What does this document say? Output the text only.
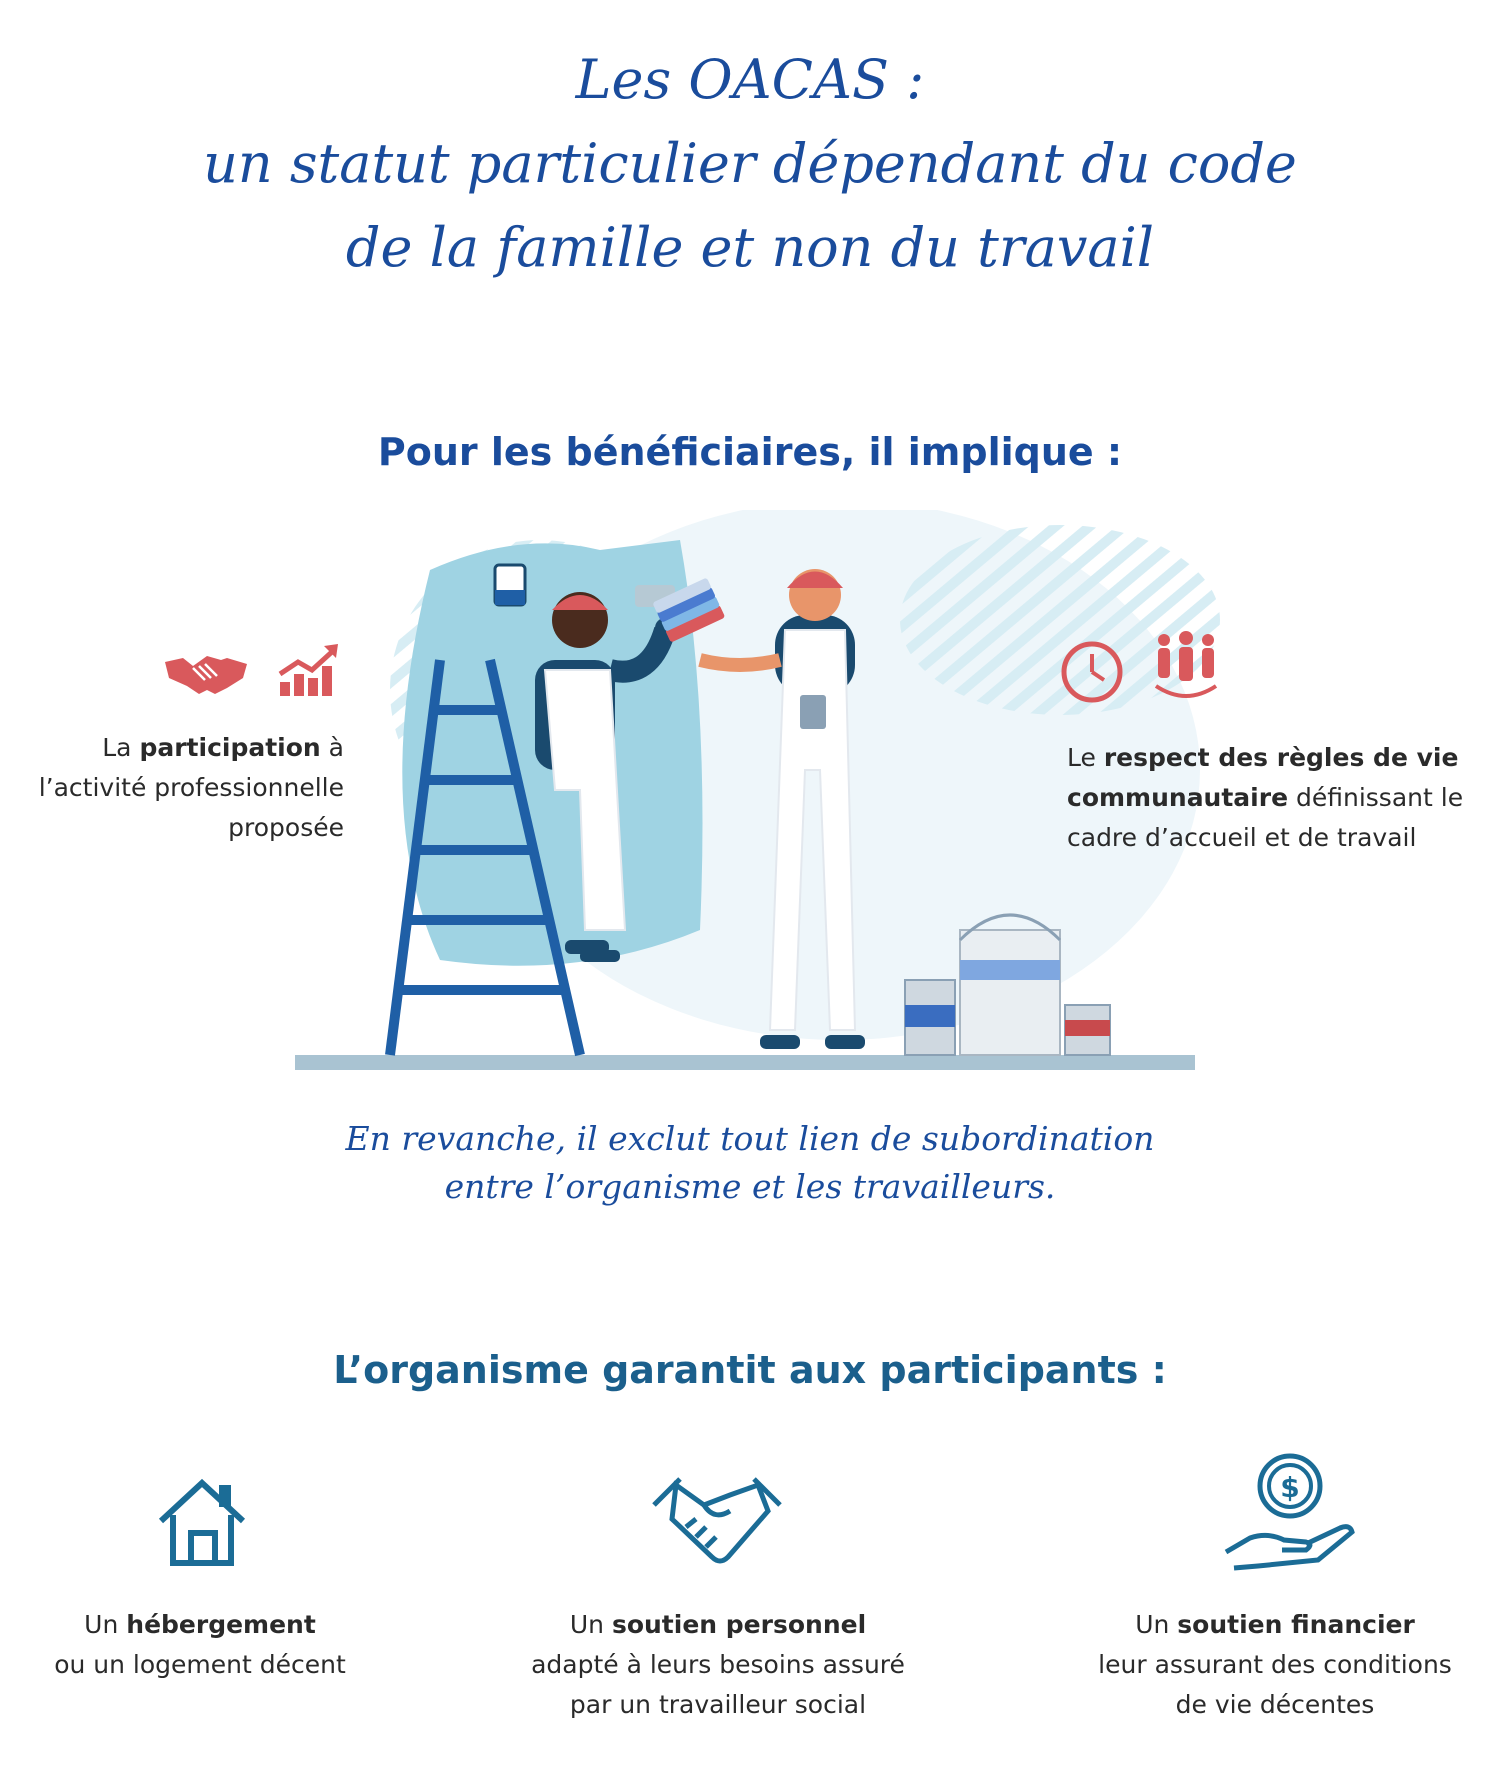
Les OACAS :
un statut particulier dépendant du code
de la famille et non du travail
Pour les bénéficiaires, il implique :
La participation à
l’activité professionnelle
proposée
Le respect des règles de vie
communautaire définissant le
cadre d’accueil et de travail
En revanche, il exclut tout lien de subordination
entre l’organisme et les travailleurs.
L’organisme garantit aux participants :
$
Un hébergement
ou un logement décent
Un soutien personnel
adapté à leurs besoins assuré
par un travailleur social
Un soutien financier
leur assurant des conditions
de vie décentes
